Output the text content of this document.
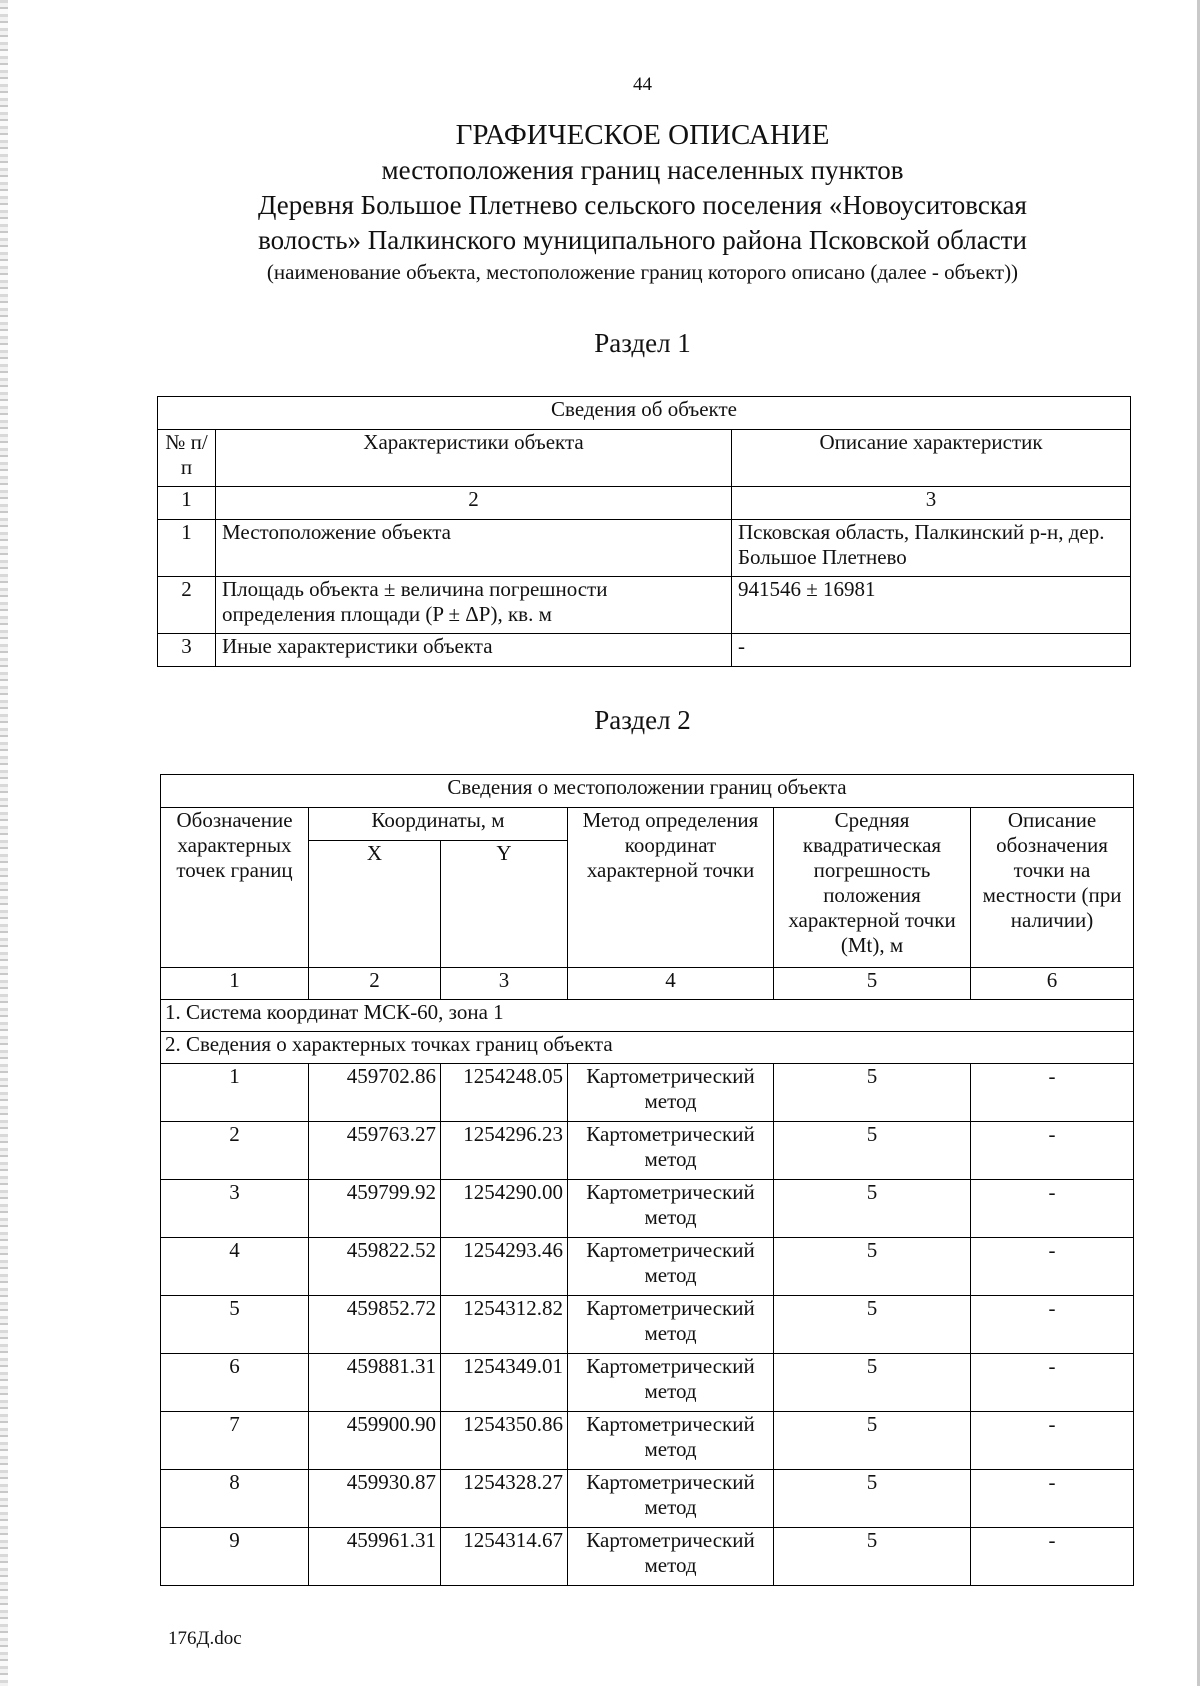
44
ГРАФИЧЕСКОЕ ОПИСАНИЕ
местоположения границ населенных пунктов
Деревня Большое Плетнево сельского поселения «Новоуситовская
волость» Палкинского муниципального района Псковской области
(наименование объекта, местоположение границ которого описано (далее - объект))
Раздел 1
Сведения об объекте		
№ п/п	Характеристики объекта	Описание характеристик
1	2	3
1	Местоположение объекта	Псковская область, Палкинский р-н, дер. Большое Плетнево
2	Площадь объекта ± величина погрешности определения площади (P ± ΔP), кв. м	941546 ± 16981
3	Иные характеристики объекта	-
Раздел 2
Сведения о местоположении границ объекта					
Обозначение характерных точек границ	Координаты, м		Метод определения координат характерной точки	Средняя квадратическая погрешность положения характерной точки (Mt), м	Описание обозначения точки на местности (при наличии)
	X	Y			
1	2	3	4	5	6
1. Система координат МСК-60, зона 1					
2. Сведения о характерных точках границ объекта					
1	459702.86	1254248.05	Картометрический метод	5	-
2	459763.27	1254296.23	Картометрический метод	5	-
3	459799.92	1254290.00	Картометрический метод	5	-
4	459822.52	1254293.46	Картометрический метод	5	-
5	459852.72	1254312.82	Картометрический метод	5	-
6	459881.31	1254349.01	Картометрический метод	5	-
7	459900.90	1254350.86	Картометрический метод	5	-
8	459930.87	1254328.27	Картометрический метод	5	-
9	459961.31	1254314.67	Картометрический метод	5	-
176Д.doc
